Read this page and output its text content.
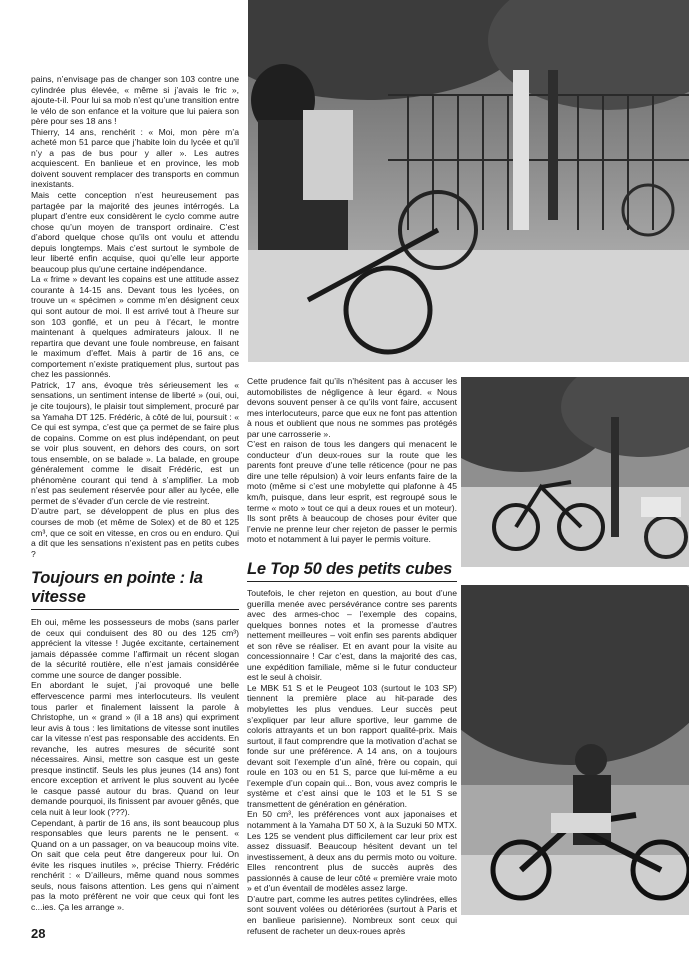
pains, n’envisage pas de changer son 103 contre une cylindrée plus élevée, « même si j’avais le fric », ajoute-t-il. Pour lui sa mob n’est qu’une transition entre le vélo de son enfance et la voiture que lui paiera son père pour ses 18 ans !

Thierry, 14 ans, renchérit : « Moi, mon père m’a acheté mon 51 parce que j’habite loin du lycée et qu’il n’y a pas de bus pour y aller ». Les autres acquiescent. En banlieue et en province, les mob doivent souvent remplacer des transports en commun inexistants.

Mais cette conception n’est heureusement pas partagée par la majorité des jeunes intérrogés. La plupart d’entre eux considèrent le cyclo comme autre chose qu’un moyen de transport ordinaire. C’est d’abord quelque chose qu’ils ont voulu et attendu depuis longtemps. Mais c’est surtout le symbole de leur liberté enfin acquise, quoi qu’elle leur apporte beaucoup plus qu’une certaine indépendance.

La « frime » devant les copains est une attitude assez courante à 14-15 ans. Devant tous les lycées, on trouve un « spécimen » comme m’en désignent ceux qui sont autour de moi. Il est arrivé tout à l’heure sur son 103 gonflé, et un peu à l’écart, le montre maintenant à quelques admirateurs jaloux. Il ne repartira que devant une foule nombreuse, en faisant le maximum d’effet. Mais à partir de 16 ans, ce comportement n’existe pratiquement plus, surtout pas chez les passionnés.

Patrick, 17 ans, évoque très sérieusement les « sensations, un sentiment intense de liberté » (oui, oui, je cite toujours), le plaisir tout simplement, procuré par sa Yamaha DT 125. Frédéric, à côté de lui, poursuit : « Ce qui est sympa, c’est que ça permet de se faire plus de copains. Comme on est plus indépendant, on peut se voir plus souvent, en dehors des cours, on sort tous ensemble, on se balade ». La balade, en groupe généralement comme le disait Frédéric, est un phénomène courant qui tend à s’amplifier. La mob n’est pas seulement réservée pour aller au lycée, elle permet de s’évader d’un cercle de vie restreint.

D’autre part, se développent de plus en plus des courses de mob (et même de Solex) et de 80 et 125 cm³, que ce soit en vitesse, en cros ou en enduro. Qui a dit que les sensations n’existent pas en petits cubes ?

Toujours en pointe : la vitesse

Eh oui, même les possesseurs de mobs (sans parler de ceux qui conduisent des 80 ou des 125 cm³) apprécient la vitesse ! Jugée excitante, certainement jamais dépassée comme l’affirmait un récent slogan de la sécurité routière, elle n’est jamais considérée comme une source de danger possible.

En abordant le sujet, j’ai provoqué une belle effervescence parmi mes interlocuteurs. Ils veulent tous parler et finalement laissent la parole à Christophe, un « grand » (il a 18 ans) qui expriment leur avis à tous : les limitations de vitesse sont inutiles car la vitesse n’est pas responsable des accidents. En revanche, les autres mesures de sécurité sont nécessaires. Ainsi, mettre son casque est un geste presque instinctif. Seuls les plus jeunes (14 ans) font encore exception et arrivent le plus souvent au lycée le casque passé autour du bras. Quand on leur demande pourquoi, ils finissent par avouer gênés, que cela nuit à leur look (???).

Cependant, à partir de 16 ans, ils sont beaucoup plus responsables que leurs parents ne le pensent. « Quand on a un passager, on va beaucoup moins vite. On sait que cela peut être dangereux pour lui. On évite les risques inutiles », précise Thierry. Frédéric renchérit : « D’ailleurs, même quand nous sommes seuls, nous faisons attention. Les gens qui n’aiment pas la moto préfèrent ne voir que ceux qui font les c...ies. Ça les arrange ».

Cette prudence fait qu’ils n’hésitent pas à accuser les automobilistes de négligence à leur égard. « Nous devons souvent penser à ce qu’ils vont faire, accusent mes interlocuteurs, parce que eux ne font pas attention à nous et oublient que nous ne sommes pas protégés par une carrosserie ».

C’est en raison de tous les dangers qui menacent le conducteur d’un deux-roues sur la route que les parents font preuve d’une telle réticence (pour ne pas dire une telle répulsion) à voir leurs enfants faire de la moto (même si c’est une mobylette qui plafonne à 45 km/h, puisque, dans leur esprit, est regroupé sous le terme « moto » tout ce qui a deux roues et un moteur). Ils sont prêts à beaucoup de choses pour éviter que l’envie ne prenne leur cher rejeton de passer le permis moto et notamment à lui payer le permis voiture.

Le Top 50 des petits cubes

Toutefois, le cher rejeton en question, au bout d’une guerilla menée avec persévérance contre ses parents avec des armes-choc – l’exemple des copains, quelques bonnes notes et la promesse d’autres nettement meilleures – voit enfin ses parents abdiquer et son rêve se réaliser. Et en avant pour la visite au concessionnaire ! Car c’est, dans la majorité des cas, une expédition familiale, même si le futur conducteur est le seul à choisir.

Le MBK 51 S et le Peugeot 103 (surtout le 103 SP) tiennent la première place au hit-parade des mobylettes les plus vendues. Leur succès peut s’expliquer par leur allure sportive, leur gamme de coloris attrayants et un bon rapport qualité-prix. Mais surtout, il faut comprendre que la motivation d’achat se fonde sur une préférence. A 14 ans, on a toujours devant soit l’exemple d’un aîné, frère ou copain, qui roule en 103 ou en 51 S, parce que lui-même a eu l’exemple d’un copain qui... Bon, vous avez compris le système et c’est ainsi que le 103 et le 51 S se transmettent de génération en génération.

En 50 cm³, les préférences vont aux japonaises et notamment à la Yamaha DT 50 X, à la Suzuki 50 MTX. Les 125 se vendent plus difficilement car leur prix est assez dissuasif. Beaucoup hésitent devant un tel investissement, à deux ans du permis moto ou voiture. Elles rencontrent plus de succès auprès des passionnés à cause de leur côté « première vraie moto » et d’un éventail de modèles assez large.

D’autre part, comme les autres petites cylindrées, elles sont souvent volées ou détériorées (surtout à Paris et en banlieue parisienne). Nombreux sont ceux qui refusent de racheter un deux-roues après

28
